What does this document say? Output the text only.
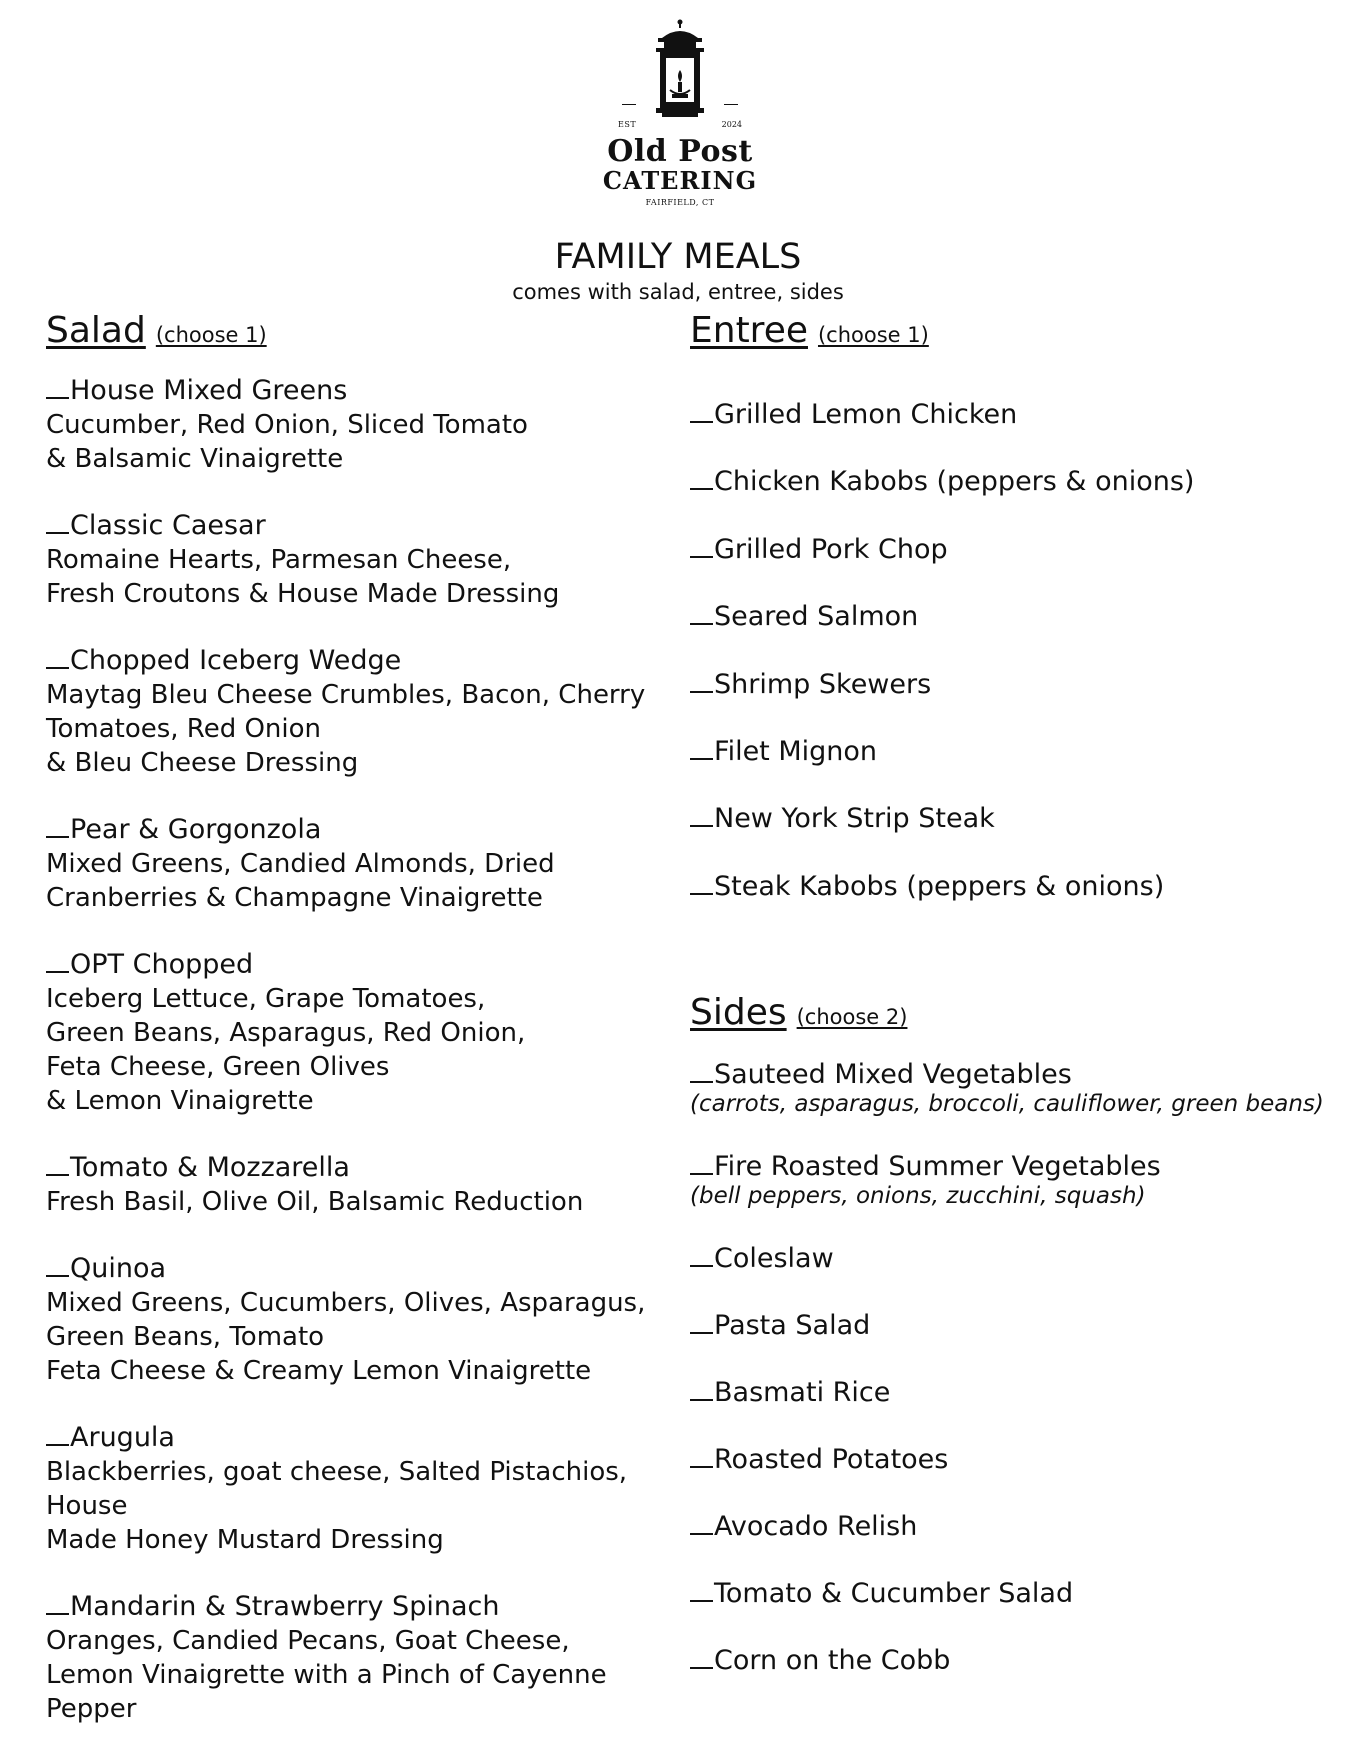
EST	2024
Old Post
CATERING
FAIRFIELD, CT
FAMILY MEALS
comes with salad, entree, sides
Salad (choose 1)
House Mixed Greens
Cucumber, Red Onion, Sliced Tomato
& Balsamic Vinaigrette
Classic Caesar
Romaine Hearts, Parmesan Cheese,
Fresh Croutons & House Made Dressing
Chopped Iceberg Wedge
Maytag Bleu Cheese Crumbles, Bacon, Cherry
Tomatoes, Red Onion
& Bleu Cheese Dressing
Pear & Gorgonzola
Mixed Greens, Candied Almonds, Dried
Cranberries & Champagne Vinaigrette
OPT Chopped
Iceberg Lettuce, Grape Tomatoes,
Green Beans, Asparagus, Red Onion,
Feta Cheese, Green Olives
& Lemon Vinaigrette
Tomato & Mozzarella
Fresh Basil, Olive Oil, Balsamic Reduction
Quinoa
Mixed Greens, Cucumbers, Olives, Asparagus,
Green Beans, Tomato
Feta Cheese & Creamy Lemon Vinaigrette
Arugula
Blackberries, goat cheese, Salted Pistachios, House
Made Honey Mustard Dressing
Mandarin & Strawberry Spinach
Oranges, Candied Pecans, Goat Cheese,
Lemon Vinaigrette with a Pinch of Cayenne Pepper
Entree (choose 1)
Grilled Lemon Chicken
Chicken Kabobs (peppers & onions)
Grilled Pork Chop
Seared Salmon
Shrimp Skewers
Filet Mignon
New York Strip Steak
Steak Kabobs (peppers & onions)
Sides (choose 2)
Sauteed Mixed Vegetables
(carrots, asparagus, broccoli, cauliflower, green beans)
Fire Roasted Summer Vegetables
(bell peppers, onions, zucchini, squash)
Coleslaw
Pasta Salad
Basmati Rice
Roasted Potatoes
Avocado Relish
Tomato & Cucumber Salad
Corn on the Cobb
